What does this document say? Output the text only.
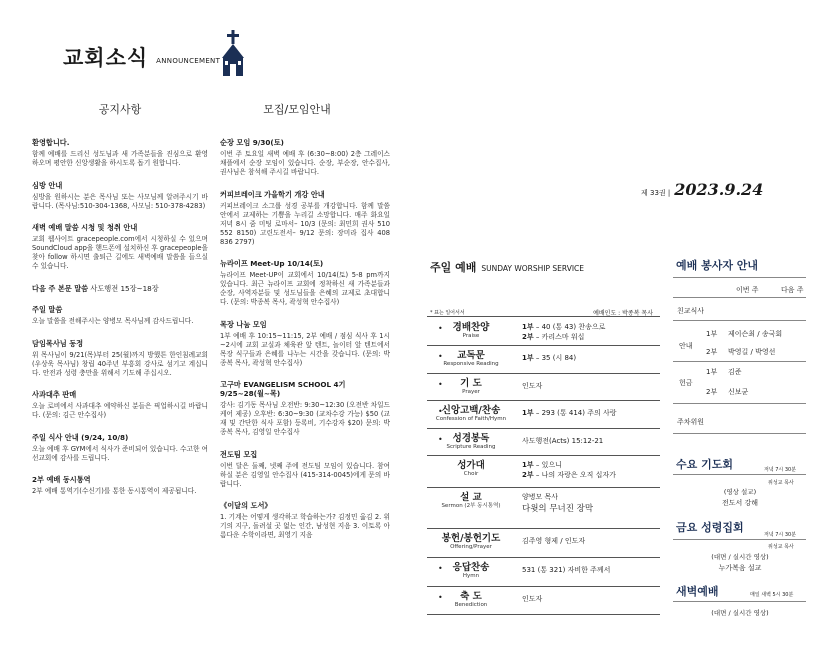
교회소식 ANNOUNCEMENT
공지사항	모집/모임안내
환영합니다.
함께 예배를 드리신 성도님과 새 가족분들을 진심으로 환영하오며 평안한 신앙생활을 하시도록 돕기 원합니다.
심방 안내
심방을 원하시는 분은 목사님 또는 사모님께 알려주시기 바랍니다. (목사님:510-304-1368, 사모님: 510-378-4283)
새벽 예배 말씀 시청 및 청취 안내
교회 웹사이트 gracepeople.com에서 시청하실 수 있으며 SoundCloud app을 핸드폰에 설치하신 후 gracepeople을 찾아 follow 하시면 출퇴근 길에도 새벽예배 말씀을 들으실 수 있습니다.
다음 주 본문 말씀 사도행전 15장~18장
주일 말씀
오늘 말씀을 전해주시는 양병모 목사님께 감사드립니다.
담임목사님 동정
위 목사님이 9/21(목)부터 25(월)까지 방했튼 한인침례교회(우상욱 목사님) 창립 40주년 부흥회 강사로 섬기고 계십니다. 안전과 성령 충만을 위해서 기도해 주십시오.
사과대추 판매
오늘 로비에서 사과대추 예약하신 분들은 픽업하시길 바랍니다. (문의: 김근 안수집사)
주일 식사 안내 (9/24, 10/8)
오늘 예배 후 GYM에서 식사가 준비되어 있습니다. 수고한 여선교회에 감사를 드립니다.
2부 예배 동시통역
2부 예배 통역기(수신기)를 통한 동시통역이 제공됩니다.
순장 모임 9/30(토)
이번 주 토요일 새벽 예배 후 (6:30~8:00) 2층 그레이스 채플에서 순장 모임이 있습니다. 순장, 부순장, 안수집사, 권사님은 참석해 주시길 바랍니다.
커피브레이크 가을학기 개강 안내
커피브레이크 소그룹 성경 공부를 개강합니다. 함께 말씀 안에서 교제하는 기쁨을 누리길 소망합니다. 매주 화요일 저녁 8시 줌 미팅 로마서– 10/3 (문의: 최민희 권사 510 552 8150) 고린도전서– 9/12 문의: 장미라 집사 408 836 2797)
뉴라이프 Meet-Up 10/14(토)
뉴라이프 Meet-UP이 교회에서 10/14(토) 5-8 pm까지 있습니다. 최근 뉴라이프 교회에 정착하신 새 가족분들과 순장, 사역자분들 및 성도님들을 은혜의 교제로 초대합니다. (문의: 박종복 목사, 곽성혁 안수집사)
목장 나눔 모임
1부 예배 후 10:15~11:15, 2부 예배 / 점심 식사 후 1시~2시에 교회 교실과 체육관 앞 텐트, 놀이터 앞 텐트에서 목장 식구들과 은혜를 나누는 시간을 갖습니다. (문의: 박종복 목사, 곽성혁 안수집사)
고구마 EVANGELISM SCHOOL 4기 9/25~28(월~목)
강사: 김기동 목사님 오전반: 9:30~12:30 (오전반 차일드 케어 제공) 오후반: 6:30~9:30 (교차수강 가능) $50 (교재 및 간단한 식사 포함) 등록비, 기수강자 $20) 문의: 박종복 목사, 김영일 안수집사
전도팀 모집
이번 달은 둘째, 넷째 주에 전도팀 모임이 있습니다. 참여 하실 분은 김영일 안수집사 (415-314-0045)에게 문의 바랍니다.
《이달의 도서》
1. 기계는 어떻게 생각하고 학습하는가? 김정민 옮김 2. 위기의 지구, 돌려설 곳 없는 인간, 남성현 지음 3. 이토록 아름다운 수학이라면, 최영기 지음
제 33권 | 2023.9.24
주일 예배 SUNDAY WORSHIP SERVICE
* 표는 일어서서	예배인도 : 박종복 목사
•	경배찬양
Praise
1부 – 40 (통 43) 찬송으로
2부 – 카리스마 워십
•	교독문
Responsive Reading
1부 – 35 (시 84)
•	기 도
Prayer
인도자
• 신앙고백/찬송
Confession of Faith/Hymn
1부 – 293 (통 414) 주의 사랑
•	성경봉독
Scripture Reading
사도행전(Acts) 15:12-21
성가대
Choir
1부 – 있으니
2부 – 나의 자랑은 오직 십자가
설 교
Sermon (2부 동시통역)
양병모 목사
다윗의 무너진 장막
봉헌/봉헌기도
Offering/Prayer
김주영 형제 / 인도자
•	응답찬송
Hymn
531 (통 321) 자비한 주께서
•	축 도
Benediction
인도자
예배 봉사자 안내
이번 주	다음 주
친교식사
안내
1부 제이슨최 / 송국회
2부 박영길 / 박영선
헌금
1부 김준
2부 신보균
주차위원
수요 기도회	저녁 7시 30분
위성교 목사
(영상 설교)
전도서 강해
금요 성령집회
저녁 7시 30분
위성교 목사
(대면 / 실시간 영상)
누가복음 설교
새벽예배	매일 새벽 5시 30분
(대면 / 실시간 영상)
